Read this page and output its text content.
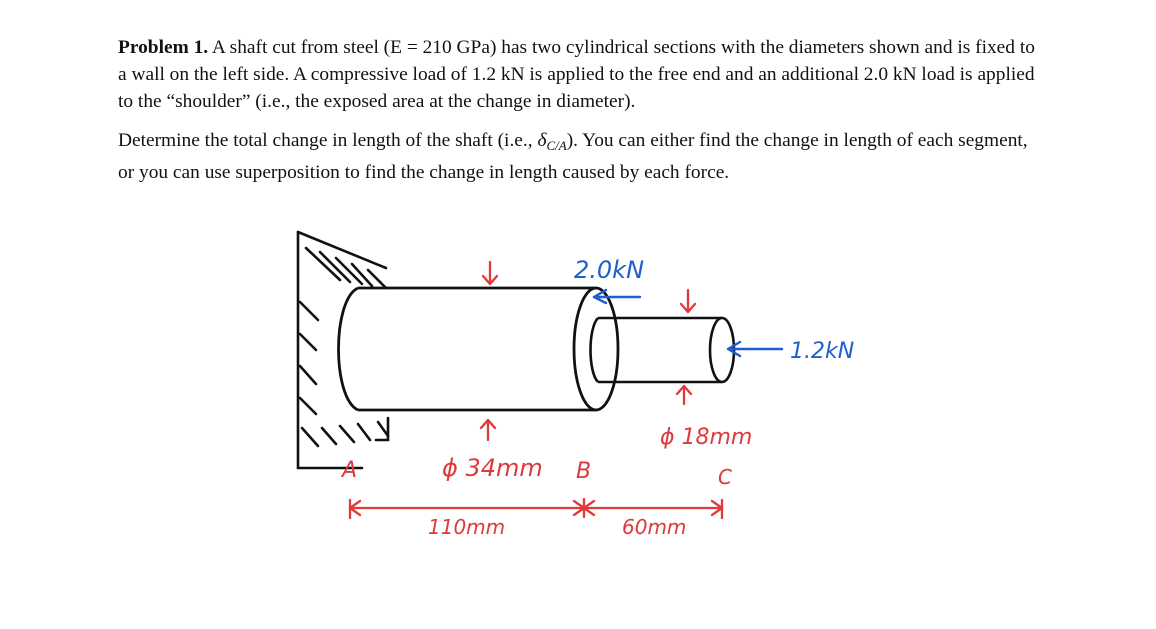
Problem 1. A shaft cut from steel (E = 210 GPa) has two cylindrical sections with the diameters shown and is fixed to a wall on the left side. A compressive load of 1.2 kN is applied to the free end and an additional 2.0 kN load is applied to the “shoulder” (i.e., the exposed area at the change in diameter).

Determine the total change in length of the shaft (i.e., $\delta_{C/A}$). You can either find the change in length of each segment, or you can use superposition to find the change in length caused by each force.

2.0kN
1.2kN
ϕ 34mm
ϕ 18mm
A	B	C
110mm	60mm
